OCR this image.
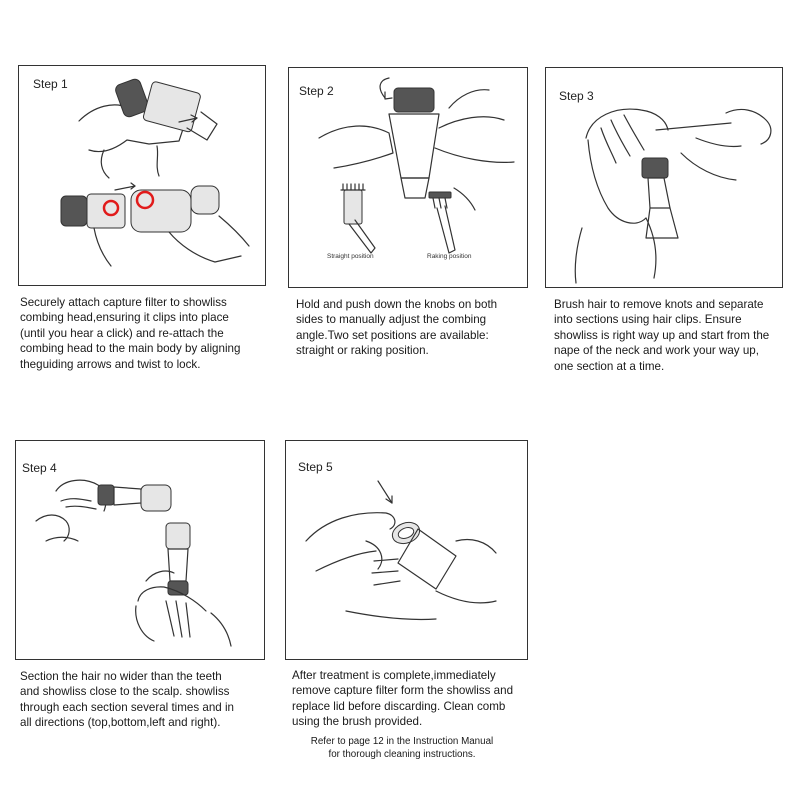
Step 1

Securely attach capture filter to showliss

combing head,ensuring it clips into place

(until you hear a click) and re-attach the

combing head to the main body by aligning

theguiding arrows and twist to lock.

Step 2
Straight position	Raking position

Hold and push down the knobs on both

sides to manually adjust the combing

angle.Two set positions are available:

straight or raking position.

Step 3

Brush hair to remove knots and separate

into sections using hair clips. Ensure

showliss is right way up and start from the

nape of the neck and work your way up,

one section at a time.

Step 4

Section the hair no wider than the teeth

and showliss close to the scalp. showliss

through each section several times and in

all directions (top,bottom,left and right).

Step 5

After treatment is complete,immediately

remove capture filter form the showliss and

replace lid before discarding. Clean comb

using the brush provided.

Refer to page 12 in the Instruction Manual
for thorough cleaning instructions.
